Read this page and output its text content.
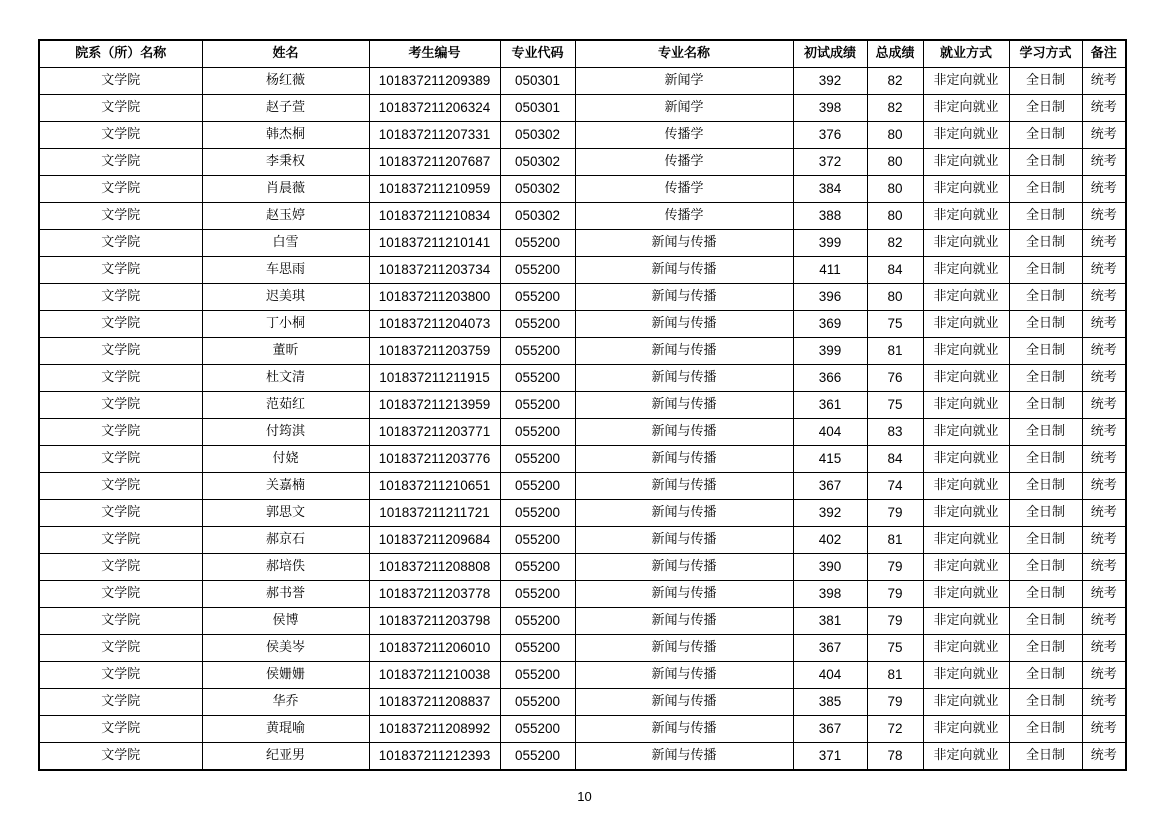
院系（所）名称	姓名	考生编号	专业代码	专业名称	初试成绩	总成绩	就业方式	学习方式	备注
文学院	杨红薇	101837211209389	050301	新闻学	392	82	非定向就业	全日制	统考
文学院	赵子萱	101837211206324	050301	新闻学	398	82	非定向就业	全日制	统考
文学院	韩杰桐	101837211207331	050302	传播学	376	80	非定向就业	全日制	统考
文学院	李秉权	101837211207687	050302	传播学	372	80	非定向就业	全日制	统考
文学院	肖晨薇	101837211210959	050302	传播学	384	80	非定向就业	全日制	统考
文学院	赵玉婷	101837211210834	050302	传播学	388	80	非定向就业	全日制	统考
文学院	白雪	101837211210141	055200	新闻与传播	399	82	非定向就业	全日制	统考
文学院	车思雨	101837211203734	055200	新闻与传播	411	84	非定向就业	全日制	统考
文学院	迟美琪	101837211203800	055200	新闻与传播	396	80	非定向就业	全日制	统考
文学院	丁小桐	101837211204073	055200	新闻与传播	369	75	非定向就业	全日制	统考
文学院	董昕	101837211203759	055200	新闻与传播	399	81	非定向就业	全日制	统考
文学院	杜文清	101837211211915	055200	新闻与传播	366	76	非定向就业	全日制	统考
文学院	范茹红	101837211213959	055200	新闻与传播	361	75	非定向就业	全日制	统考
文学院	付筠淇	101837211203771	055200	新闻与传播	404	83	非定向就业	全日制	统考
文学院	付娆	101837211203776	055200	新闻与传播	415	84	非定向就业	全日制	统考
文学院	关嘉楠	101837211210651	055200	新闻与传播	367	74	非定向就业	全日制	统考
文学院	郭思文	101837211211721	055200	新闻与传播	392	79	非定向就业	全日制	统考
文学院	郝京石	101837211209684	055200	新闻与传播	402	81	非定向就业	全日制	统考
文学院	郝培佚	101837211208808	055200	新闻与传播	390	79	非定向就业	全日制	统考
文学院	郝书誉	101837211203778	055200	新闻与传播	398	79	非定向就业	全日制	统考
文学院	侯博	101837211203798	055200	新闻与传播	381	79	非定向就业	全日制	统考
文学院	侯美岑	101837211206010	055200	新闻与传播	367	75	非定向就业	全日制	统考
文学院	侯姗姗	101837211210038	055200	新闻与传播	404	81	非定向就业	全日制	统考
文学院	华乔	101837211208837	055200	新闻与传播	385	79	非定向就业	全日制	统考
文学院	黄琨喻	101837211208992	055200	新闻与传播	367	72	非定向就业	全日制	统考
文学院	纪亚男	101837211212393	055200	新闻与传播	371	78	非定向就业	全日制	统考
10
